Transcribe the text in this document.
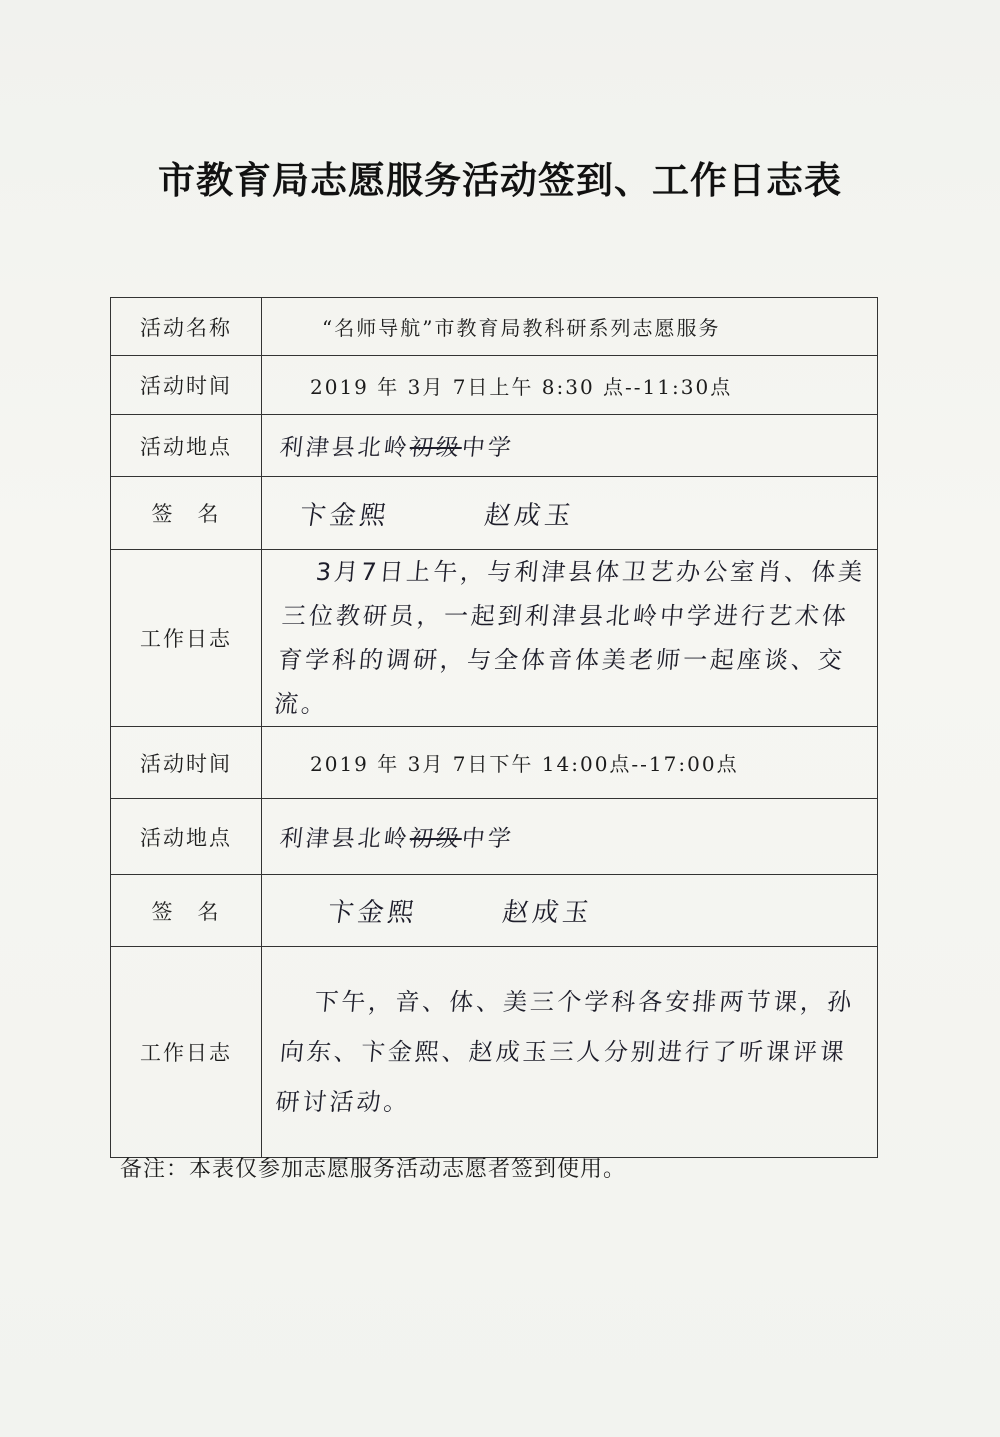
市教育局志愿服务活动签到、工作日志表
活动名称	“名师导航”市教育局教科研系列志愿服务
活动时间	2019 年 3月 7日上午 8:30 点--11:30点
活动地点	利津县北岭初级中学
签　名	卞金熙 赵成玉
工作日志	3月7日上午，与利津县体卫艺办公室肖、体美三位教研员，一起到利津县北岭中学进行艺术体育学科的调研，与全体音体美老师一起座谈、交流。

活动时间	2019 年 3月 7日下午 14:00点--17:00点
活动地点	利津县北岭初级中学
签　名	卞金熙 赵成玉
工作日志	下午，音、体、美三个学科各安排两节课，孙向东、卞金熙、赵成玉三人分别进行了听课评课研讨活动。
备注：本表仅参加志愿服务活动志愿者签到使用。
